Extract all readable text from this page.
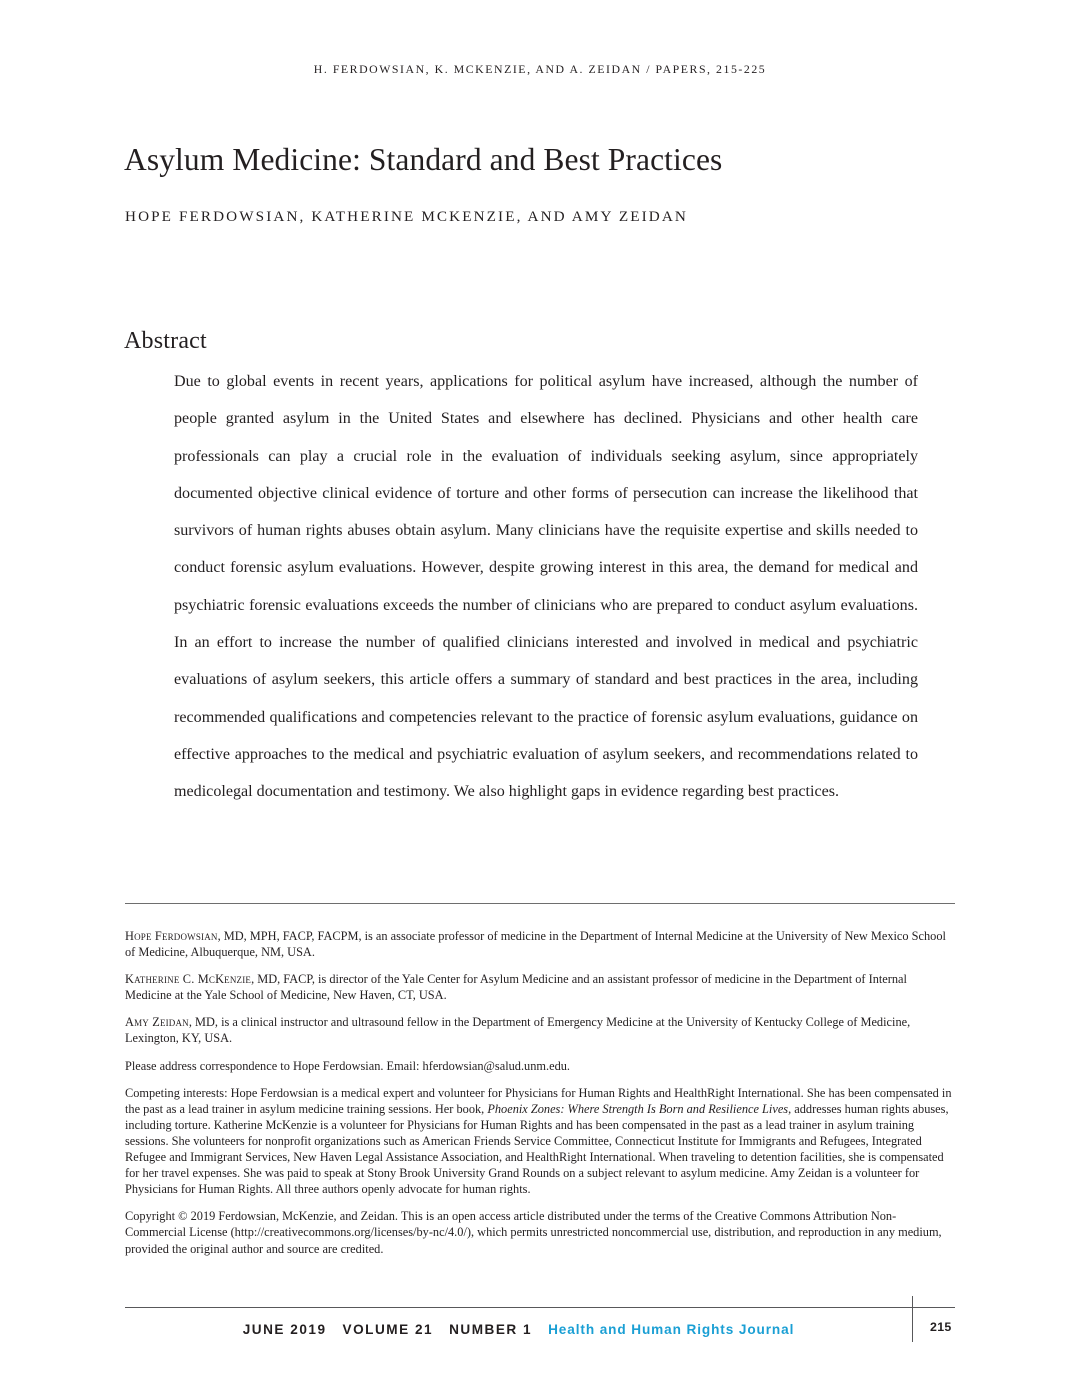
H. FERDOWSIAN, K. MCKENZIE, AND A. ZEIDAN / PAPERS, 215-225
Asylum Medicine: Standard and Best Practices
HOPE FERDOWSIAN, KATHERINE MCKENZIE, AND AMY ZEIDAN
Abstract
Due to global events in recent years, applications for political asylum have increased, although the number of people granted asylum in the United States and elsewhere has declined. Physicians and other health care professionals can play a crucial role in the evaluation of individuals seeking asylum, since appropriately documented objective clinical evidence of torture and other forms of persecution can increase the likelihood that survivors of human rights abuses obtain asylum. Many clinicians have the requisite expertise and skills needed to conduct forensic asylum evaluations. However, despite growing interest in this area, the demand for medical and psychiatric forensic evaluations exceeds the number of clinicians who are prepared to conduct asylum evaluations. In an effort to increase the number of qualified clinicians interested and involved in medical and psychiatric evaluations of asylum seekers, this article offers a summary of standard and best practices in the area, including recommended qualifications and competencies relevant to the practice of forensic asylum evaluations, guidance on effective approaches to the medical and psychiatric evaluation of asylum seekers, and recommendations related to medicolegal documentation and testimony. We also highlight gaps in evidence regarding best practices.

Hope Ferdowsian, MD, MPH, FACP, FACPM, is an associate professor of medicine in the Department of Internal Medicine at the University of New Mexico School of Medicine, Albuquerque, NM, USA.

Katherine C. McKenzie, MD, FACP, is director of the Yale Center for Asylum Medicine and an assistant professor of medicine in the Department of Internal Medicine at the Yale School of Medicine, New Haven, CT, USA.

Amy Zeidan, MD, is a clinical instructor and ultrasound fellow in the Department of Emergency Medicine at the University of Kentucky College of Medicine, Lexington, KY, USA.

Please address correspondence to Hope Ferdowsian. Email: hferdowsian@salud.unm.edu.

Competing interests: Hope Ferdowsian is a medical expert and volunteer for Physicians for Human Rights and HealthRight International. She has been compensated in the past as a lead trainer in asylum medicine training sessions. Her book, Phoenix Zones: Where Strength Is Born and Resilience Lives, addresses human rights abuses, including torture. Katherine McKenzie is a volunteer for Physicians for Human Rights and has been compensated in the past as a lead trainer in asylum training sessions. She volunteers for nonprofit organizations such as American Friends Service Committee, Connecticut Institute for Immigrants and Refugees, Integrated Refugee and Immigrant Services, New Haven Legal Assistance Association, and HealthRight International. When traveling to detention facilities, she is compensated for her travel expenses. She was paid to speak at Stony Brook University Grand Rounds on a subject relevant to asylum medicine. Amy Zeidan is a volunteer for Physicians for Human Rights. All three authors openly advocate for human rights.

Copyright © 2019 Ferdowsian, McKenzie, and Zeidan. This is an open access article distributed under the terms of the Creative Commons Attribution Non-Commercial License (http://creativecommons.org/licenses/by-nc/4.0/), which permits unrestricted noncommercial use, distribution, and reproduction in any medium, provided the original author and source are credited.

JUNE 2019 VOLUME 21 NUMBER 1 Health and Human Rights Journal	215
